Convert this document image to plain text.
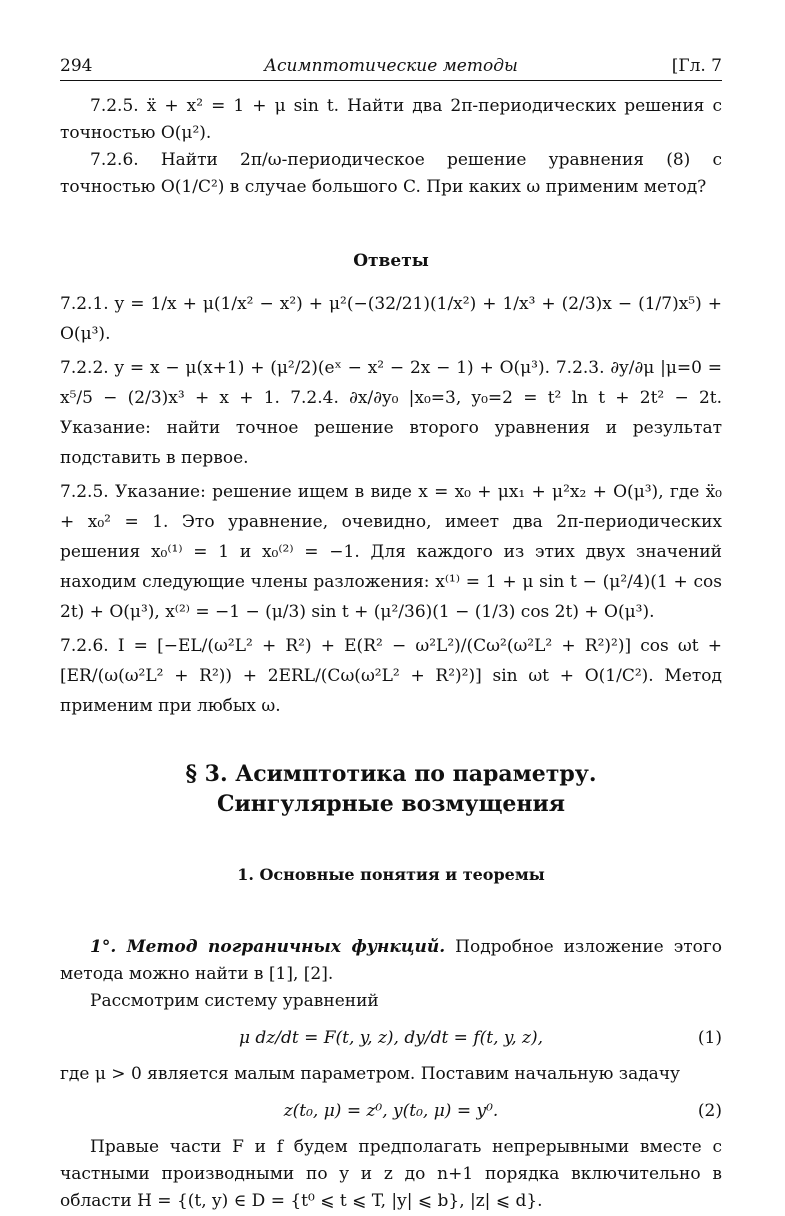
294	Асимптотические методы	[Гл. 7

7.2.5. ẍ + x² = 1 + μ sin t. Найти два 2π-периодических решения с точностью O(μ²).

7.2.6. Найти 2π/ω-периодическое решение уравнения (8) с точностью O(1/C²) в случае большого C. При каких ω применим метод?

Ответы

7.2.1. y = 1/x + μ(1/x² − x²) + μ²(−(32/21)(1/x²) + 1/x³ + (2/3)x − (1/7)x⁵) + O(μ³).

7.2.2. y = x − μ(x+1) + (μ²/2)(eˣ − x² − 2x − 1) + O(μ³). 7.2.3. ∂y/∂μ |μ=0 = x⁵/5 − (2/3)x³ + x + 1. 7.2.4. ∂x/∂y₀ |x₀=3, y₀=2 = t² ln t + 2t² − 2t. Указание: найти точное решение второго уравнения и результат подставить в первое.

7.2.5. Указание: решение ищем в виде x = x₀ + μx₁ + μ²x₂ + O(μ³), где ẍ₀ + x₀² = 1. Это уравнение, очевидно, имеет два 2π-периодических решения x₀⁽¹⁾ = 1 и x₀⁽²⁾ = −1. Для каждого из этих двух значений находим следующие члены разложения: x⁽¹⁾ = 1 + μ sin t − (μ²/4)(1 + cos 2t) + O(μ³), x⁽²⁾ = −1 − (μ/3) sin t + (μ²/36)(1 − (1/3) cos 2t) + O(μ³).

7.2.6. I = [−EL/(ω²L² + R²) + E(R² − ω²L²)/(Cω²(ω²L² + R²)²)] cos ωt + [ER/(ω(ω²L² + R²)) + 2ERL/(Cω(ω²L² + R²)²)] sin ωt + O(1/C²). Метод применим при любых ω.

§ 3. Асимптотика по параметру.
Сингулярные возмущения
1. Основные понятия и теоремы

1°. Метод пограничных функций. Подробное изложение этого метода можно найти в [1], [2].

Рассмотрим систему уравнений

μ dz/dt = F(t, y, z), dy/dt = f(t, y, z),	(1)

где μ > 0 является малым параметром. Поставим начальную задачу

z(t₀, μ) = z⁰, y(t₀, μ) = y⁰.	(2)

Правые части F и f будем предполагать непрерывными вместе с частными производными по y и z до n+1 порядка включительно в области H = {(t, y) ∈ D = {t⁰ ⩽ t ⩽ T, |y| ⩽ b}, |z| ⩽ d}.
